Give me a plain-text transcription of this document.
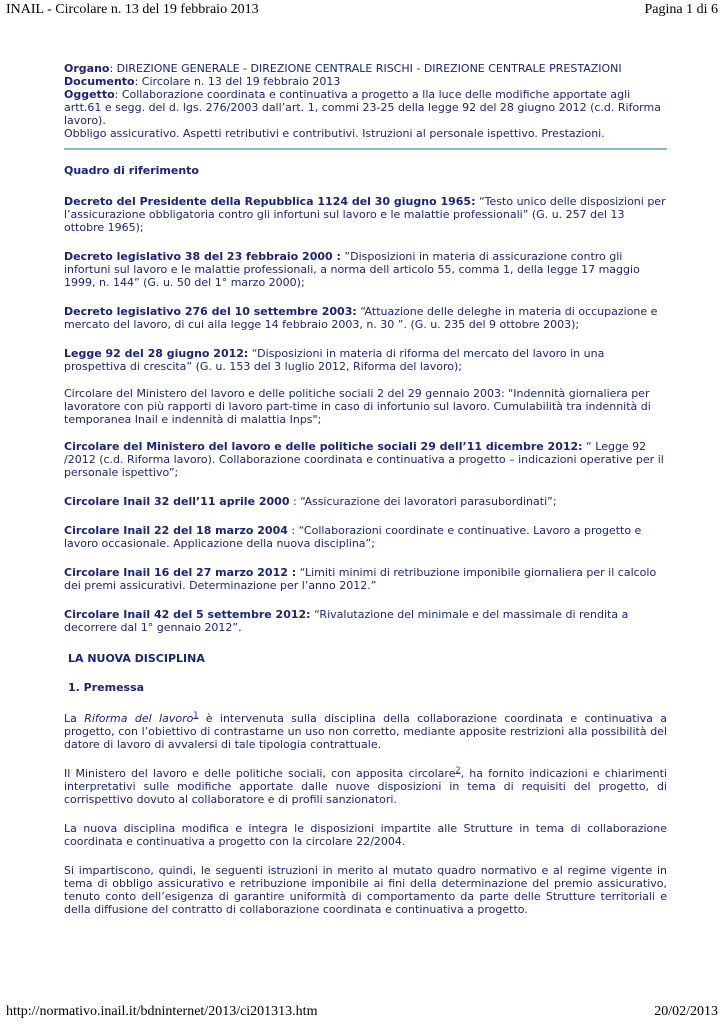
INAIL - Circolare n. 13 del 19 febbraio 2013	Pagina 1 di 6

Organo: DIREZIONE GENERALE - DIREZIONE CENTRALE RISCHI - DIREZIONE CENTRALE PRESTAZIONI

Documento: Circolare n. 13 del 19 febbraio 2013

Oggetto: Collaborazione coordinata e continuativa a progetto a lla luce delle modifiche apportate agli artt.61 e segg. del d. lgs. 276/2003 dall’art. 1, commi 23-25 della legge 92 del 28 giugno 2012 (c.d. Riforma lavoro).

Obbligo assicurativo. Aspetti retributivi e contributivi. Istruzioni al personale ispettivo. Prestazioni.

Quadro di riferimento

Decreto del Presidente della Repubblica 1124 del 30 giugno 1965: “Testo unico delle disposizioni per l’assicurazione obbligatoria contro gli infortuni sul lavoro e le malattie professionali” (G. u. 257 del 13 ottobre 1965);

Decreto legislativo 38 del 23 febbraio 2000 : ”Disposizioni in materia di assicurazione contro gli infortuni sul lavoro e le malattie professionali, a norma dell articolo 55, comma 1, della legge 17 maggio 1999, n. 144” (G. u. 50 del 1° marzo 2000);

Decreto legislativo 276 del 10 settembre 2003: “Attuazione delle deleghe in materia di occupazione e mercato del lavoro, di cui alla legge 14 febbraio 2003, n. 30 ”. (G. u. 235 del 9 ottobre 2003);

Legge 92 del 28 giugno 2012: “Disposizioni in materia di riforma del mercato del lavoro in una prospettiva di crescita” (G. u. 153 del 3 luglio 2012, Riforma del lavoro);

Circolare del Ministero del lavoro e delle politiche sociali 2 del 29 gennaio 2003: "Indennità giornaliera per lavoratore con più rapporti di lavoro part-time in caso di infortunio sul lavoro. Cumulabilità tra indennità di temporanea Inail e indennità di malattia Inps";

Circolare del Ministero del lavoro e delle politiche sociali 29 dell’11 dicembre 2012: “ Legge 92 /2012 (c.d. Riforma lavoro). Collaborazione coordinata e continuativa a progetto – indicazioni operative per il personale ispettivo”;

Circolare Inail 32 dell’11 aprile 2000 : “Assicurazione dei lavoratori parasubordinati”;

Circolare Inail 22 del 18 marzo 2004 : “Collaborazioni coordinate e continuative. Lavoro a progetto e lavoro occasionale. Applicazione della nuova disciplina”;

Circolare Inail 16 del 27 marzo 2012 : “Limiti minimi di retribuzione imponibile giornaliera per il calcolo dei premi assicurativi. Determinazione per l’anno 2012.”

Circolare Inail 42 del 5 settembre 2012: “Rivalutazione del minimale e del massimale di rendita a decorrere dal 1° gennaio 2012”.

LA NUOVA DISCIPLINA

1. Premessa

La Riforma del lavoro$^1$ è intervenuta sulla disciplina della collaborazione coordinata e continuativa a progetto, con l’obiettivo di contrastarne un uso non corretto, mediante apposite restrizioni alla possibilità del datore di lavoro di avvalersi di tale tipologia contrattuale.

Il Ministero del lavoro e delle politiche sociali, con apposita circolare$^2$, ha fornito indicazioni e chiarimenti interpretativi sulle modifiche apportate dalle nuove disposizioni in tema di requisiti del progetto, di corrispettivo dovuto al collaboratore e di profili sanzionatori.

La nuova disciplina modifica e integra le disposizioni impartite alle Strutture in tema di collaborazione coordinata e continuativa a progetto con la circolare 22/2004.

Si impartiscono, quindi, le seguenti istruzioni in merito al mutato quadro normativo e al regime vigente in tema di obbligo assicurativo e retribuzione imponibile ai fini della determinazione del premio assicurativo, tenuto conto dell’esigenza di garantire uniformità di comportamento da parte delle Strutture territoriali e della diffusione del contratto di collaborazione coordinata e continuativa a progetto.

http://normativo.inail.it/bdninternet/2013/ci201313.htm	20/02/2013
